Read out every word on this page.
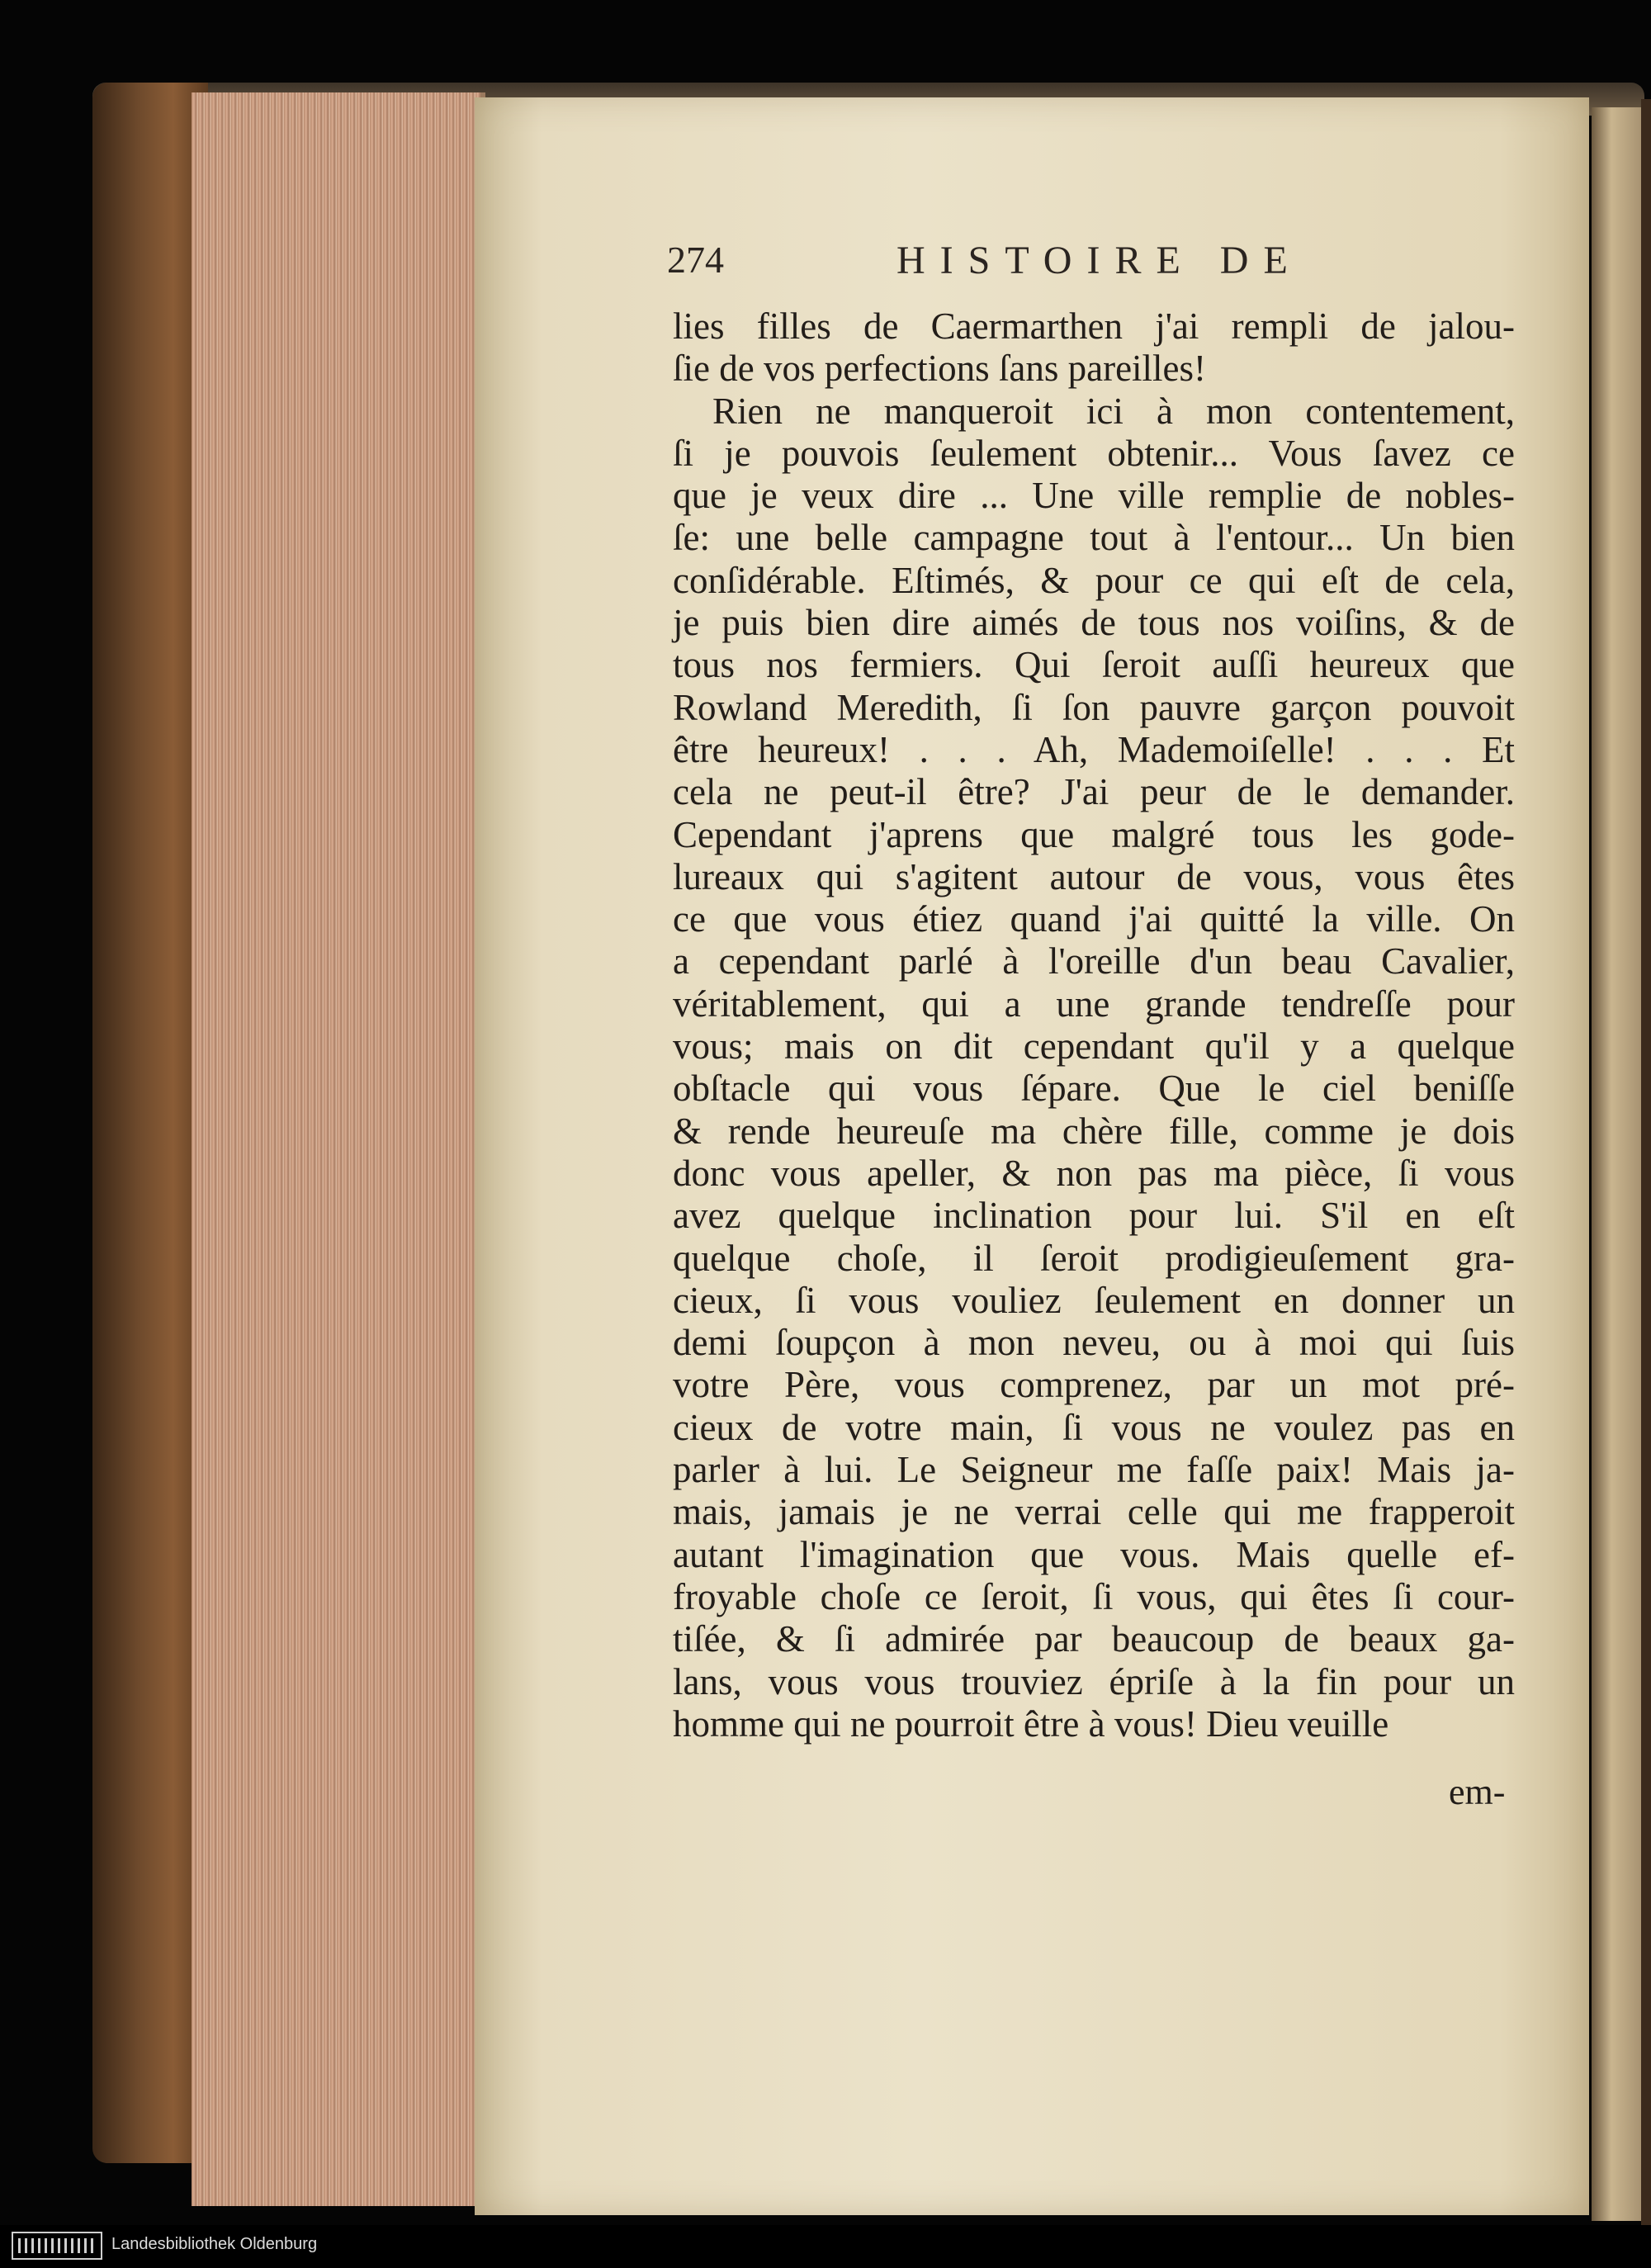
274	HISTOIRE DE
lies filles de Caermarthen j'ai rempli de jalou-
ſie de vos perfections ſans pareilles!
Rien ne manqueroit ici à mon contentement,
ſi je pouvois ſeulement obtenir... Vous ſavez ce
que je veux dire ... Une ville remplie de nobles-
ſe: une belle campagne tout à l'entour... Un bien
conſidérable. Eſtimés, & pour ce qui eſt de cela,
je puis bien dire aimés de tous nos voiſins, & de
tous nos fermiers. Qui ſeroit auſſi heureux que
Rowland Meredith, ſi ſon pauvre garçon pouvoit
être heureux! . . . Ah, Mademoiſelle! . . . Et
cela ne peut-il être? J'ai peur de le demander.
Cependant j'aprens que malgré tous les gode-
lureaux qui s'agitent autour de vous, vous êtes
ce que vous étiez quand j'ai quitté la ville. On
a cependant parlé à l'oreille d'un beau Cavalier,
véritablement, qui a une grande tendreſſe pour
vous; mais on dit cependant qu'il y a quelque
obſtacle qui vous ſépare. Que le ciel beniſſe
& rende heureuſe ma chère fille, comme je dois
donc vous apeller, & non pas ma pièce, ſi vous
avez quelque inclination pour lui. S'il en eſt
quelque choſe, il ſeroit prodigieuſement gra-
cieux, ſi vous vouliez ſeulement en donner un
demi ſoupçon à mon neveu, ou à moi qui ſuis
votre Père, vous comprenez, par un mot pré-
cieux de votre main, ſi vous ne voulez pas en
parler à lui. Le Seigneur me faſſe paix! Mais ja-
mais, jamais je ne verrai celle qui me frapperoit
autant l'imagination que vous. Mais quelle ef-
froyable choſe ce ſeroit, ſi vous, qui êtes ſi cour-
tiſée, & ſi admirée par beaucoup de beaux ga-
lans, vous vous trouviez épriſe à la fin pour un
homme qui ne pourroit être à vous! Dieu veuille
em-
Landesbibliothek Oldenburg
